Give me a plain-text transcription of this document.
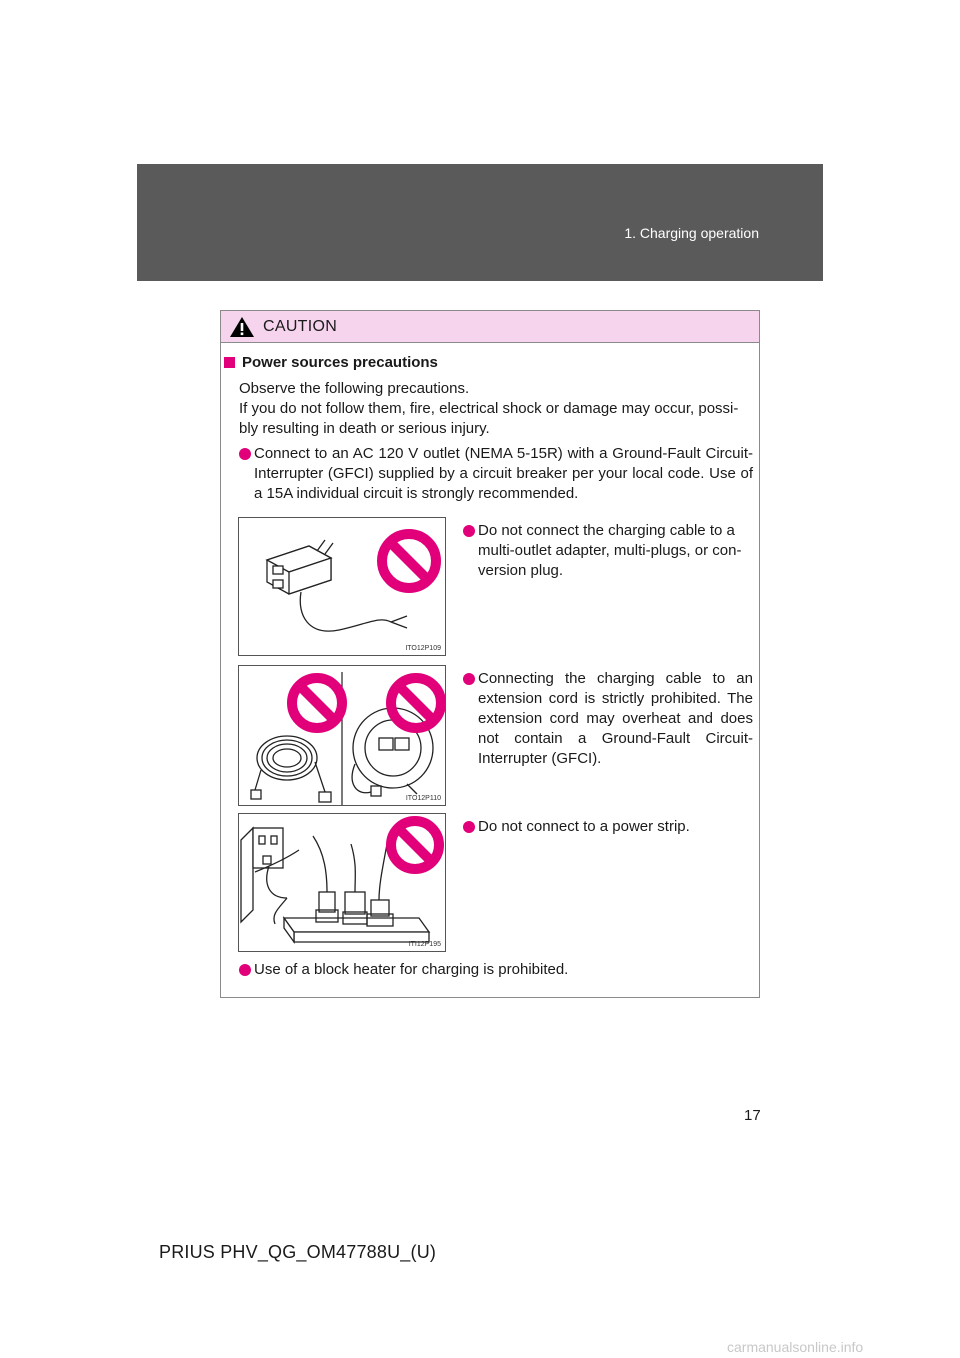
1. Charging operation
CAUTION
Power sources precautions
Observe the following precautions.
If you do not follow them, fire, electrical shock or damage may occur, possi-
bly resulting in death or serious injury.
Connect to an AC 120 V outlet (NEMA 5-15R) with a Ground-Fault Circuit-Interrupter (GFCI) supplied by a circuit breaker per your local code. Use of a 15A individual circuit is strongly recommended.
ITO12P109
Do not connect the charging cable to a multi-outlet adapter, multi-plugs, or con-version plug.
ITO12P110
Connecting the charging cable to an extension cord is strictly prohibited. The extension cord may overheat and does not contain a Ground-Fault Circuit-Interrupter (GFCI).
ITI12P195
Do not connect to a power strip.
Use of a block heater for charging is prohibited.
17
PRIUS PHV_QG_OM47788U_(U)
carmanualsonline.info
